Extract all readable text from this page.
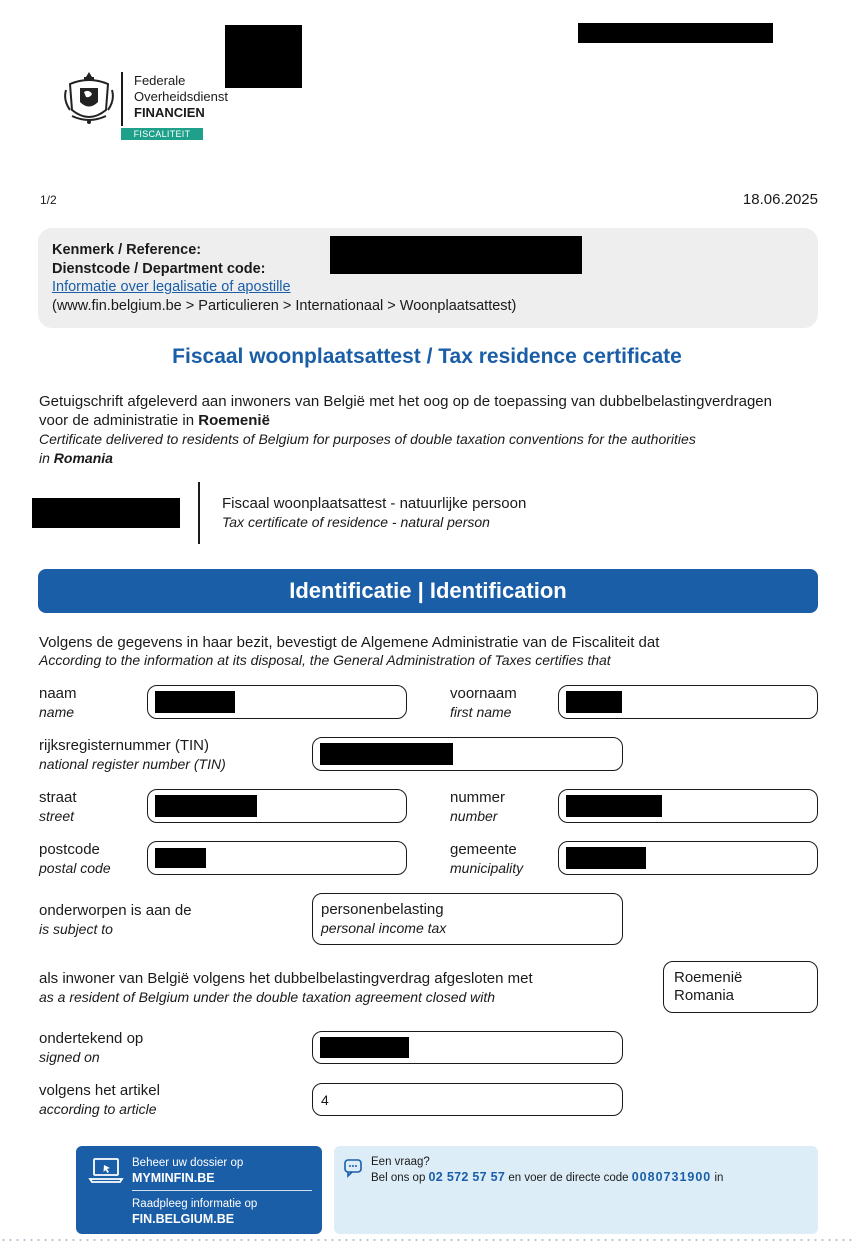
Federale
Overheidsdienst
FINANCIEN
FISCALITEIT
1/2	18.06.2025
Kenmerk / Reference:
Dienstcode / Department code:
Informatie over legalisatie of apostille
(www.fin.belgium.be > Particulieren > Internationaal > Woonplaatsattest)
Fiscaal woonplaatsattest / Tax residence certificate
Getuigschrift afgeleverd aan inwoners van België met het oog op de toepassing van dubbelbelastingverdragen
voor de administratie in Roemenië
Certificate delivered to residents of Belgium for purposes of double taxation conventions for the authorities
in Romania
Fiscaal woonplaatsattest - natuurlijke persoon
Tax certificate of residence - natural person
Identificatie | Identification
Volgens de gegevens in haar bezit, bevestigt de Algemene Administratie van de Fiscaliteit dat
According to the information at its disposal, the General Administration of Taxes certifies that
naam
name
voornaam
first name
rijksregisternummer (TIN)
national register number (TIN)
straat
street
nummer
number
postcode
postal code
gemeente
municipality
onderworpen is aan de
is subject to
personenbelasting
personal income tax
als inwoner van België volgens het dubbelbelastingverdrag afgesloten met
as a resident of Belgium under the double taxation agreement closed with
Roemenië
Romania
ondertekend op
signed on
volgens het artikel
according to article
4
Beheer uw dossier op
MYMINFIN.BE
Raadpleeg informatie op
FIN.BELGIUM.BE
Een vraag?
Bel ons op 02 572 57 57 en voer de directe code 0080731900 in
